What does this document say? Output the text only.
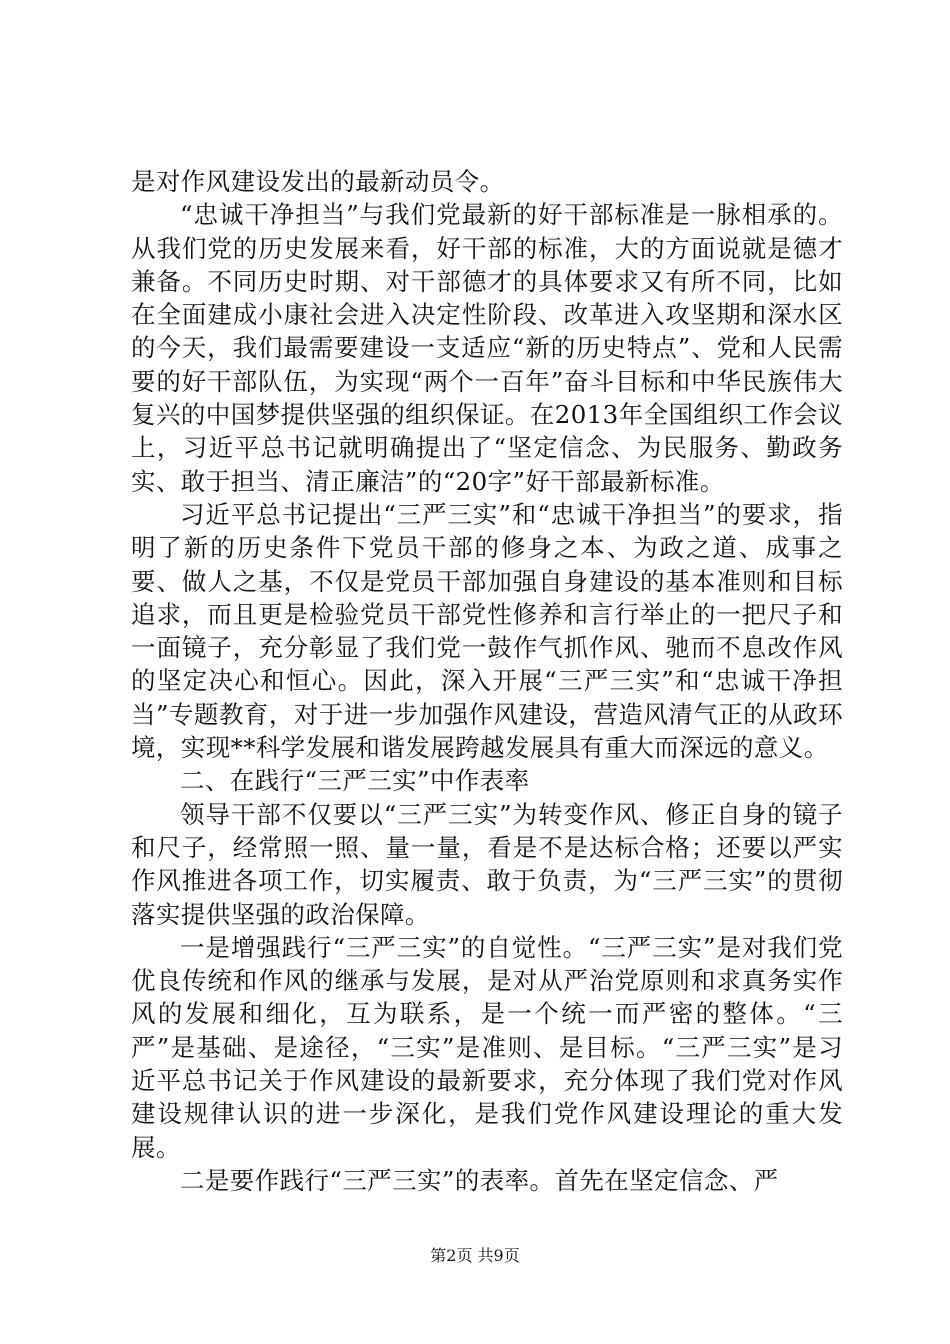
是对作风建设发出的最新动员令。

“忠诚干净担当”与我们党最新的好干部标准是一脉相承的。从我们党的历史发展来看，好干部的标准，大的方面说就是德才兼备。不同历史时期、对干部德才的具体要求又有所不同，比如在全面建成小康社会进入决定性阶段、改革进入攻坚期和深水区的今天，我们最需要建设一支适应“新的历史特点”、党和人民需要的好干部队伍，为实现“两个一百年”奋斗目标和中华民族伟大复兴的中国梦提供坚强的组织保证。在2013年全国组织工作会议上，习近平总书记就明确提出了“坚定信念、为民服务、勤政务实、敢于担当、清正廉洁”的“20字”好干部最新标准。

习近平总书记提出“三严三实”和“忠诚干净担当”的要求，指明了新的历史条件下党员干部的修身之本、为政之道、成事之要、做人之基，不仅是党员干部加强自身建设的基本准则和目标追求，而且更是检验党员干部党性修养和言行举止的一把尺子和一面镜子，充分彰显了我们党一鼓作气抓作风、驰而不息改作风的坚定决心和恒心。因此，深入开展“三严三实”和“忠诚干净担当”专题教育，对于进一步加强作风建设，营造风清气正的从政环境，实现**科学发展和谐发展跨越发展具有重大而深远的意义。

二、在践行“三严三实”中作表率

领导干部不仅要以“三严三实”为转变作风、修正自身的镜子和尺子，经常照一照、量一量，看是不是达标合格；还要以严实作风推进各项工作，切实履责、敢于负责，为“三严三实”的贯彻落实提供坚强的政治保障。

一是增强践行“三严三实”的自觉性。“三严三实”是对我们党优良传统和作风的继承与发展，是对从严治党原则和求真务实作风的发展和细化，互为联系，是一个统一而严密的整体。“三严”是基础、是途径，“三实”是准则、是目标。“三严三实”是习近平总书记关于作风建设的最新要求，充分体现了我们党对作风建设规律认识的进一步深化，是我们党作风建设理论的重大发展。

二是要作践行“三严三实”的表率。首先在坚定信念、严

第2页 共9页
